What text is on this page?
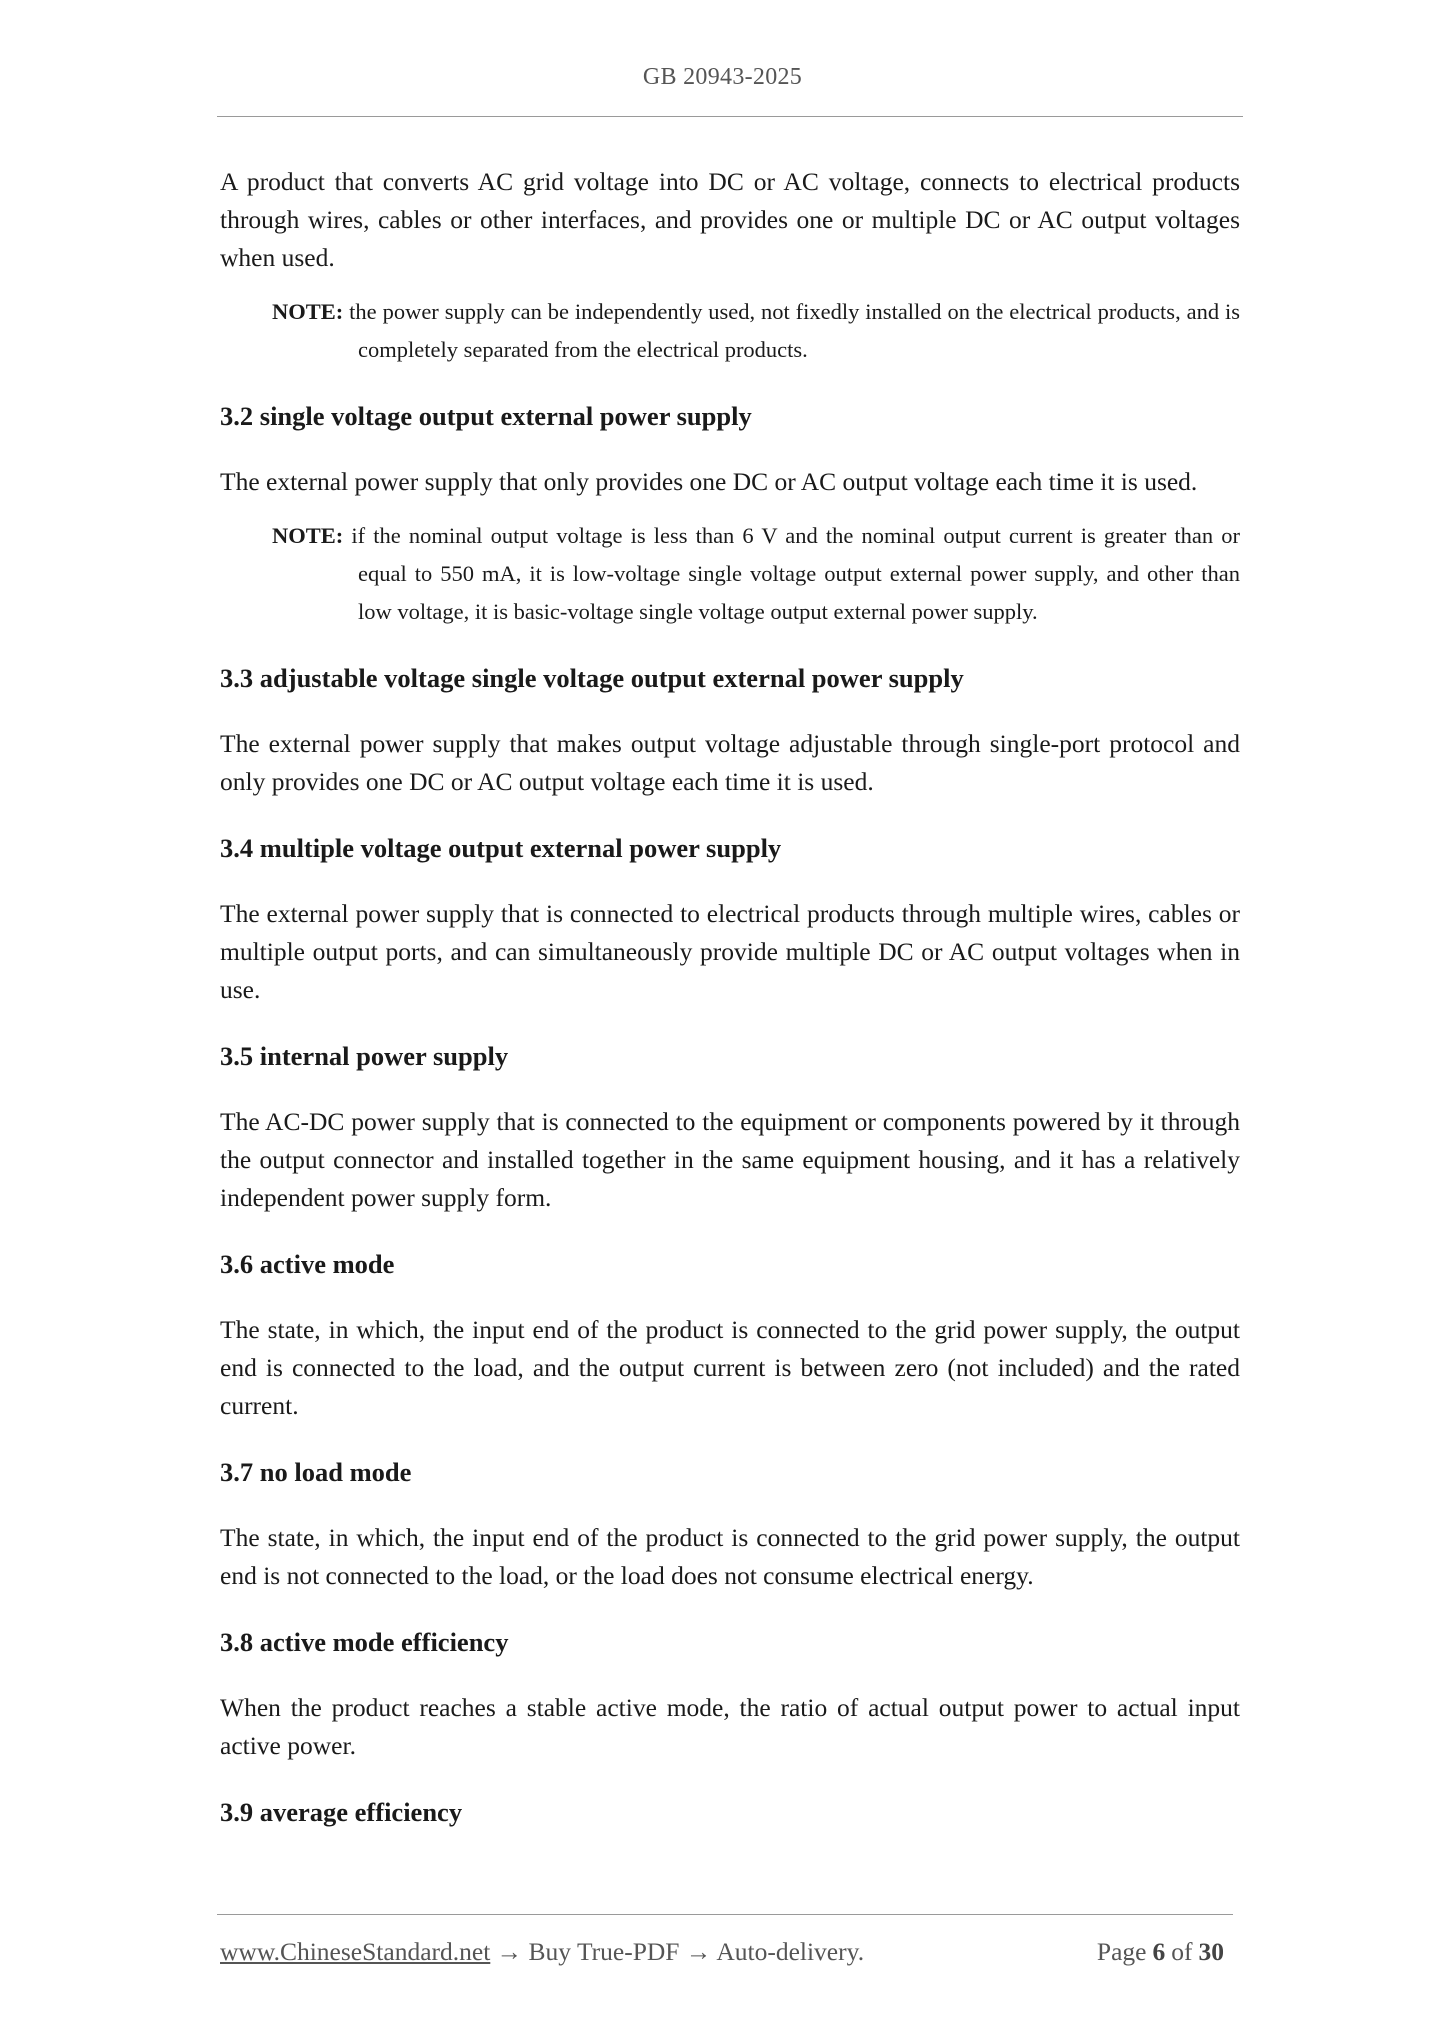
GB 20943-2025

A product that converts AC grid voltage into DC or AC voltage, connects to electrical products through wires, cables or other interfaces, and provides one or multiple DC or AC output voltages when used.

NOTE: the power supply can be independently used, not fixedly installed on the electrical products, and is completely separated from the electrical products.

3.2 single voltage output external power supply

The external power supply that only provides one DC or AC output voltage each time it is used.

NOTE: if the nominal output voltage is less than 6 V and the nominal output current is greater than or equal to 550 mA, it is low-voltage single voltage output external power supply, and other than low voltage, it is basic-voltage single voltage output external power supply.

3.3 adjustable voltage single voltage output external power supply

The external power supply that makes output voltage adjustable through single-port protocol and only provides one DC or AC output voltage each time it is used.

3.4 multiple voltage output external power supply

The external power supply that is connected to electrical products through multiple wires, cables or multiple output ports, and can simultaneously provide multiple DC or AC output voltages when in use.

3.5 internal power supply

The AC-DC power supply that is connected to the equipment or components powered by it through the output connector and installed together in the same equipment housing, and it has a relatively independent power supply form.

3.6 active mode

The state, in which, the input end of the product is connected to the grid power supply, the output end is connected to the load, and the output current is between zero (not included) and the rated current.

3.7 no load mode

The state, in which, the input end of the product is connected to the grid power supply, the output end is not connected to the load, or the load does not consume electrical energy.

3.8 active mode efficiency

When the product reaches a stable active mode, the ratio of actual output power to actual input active power.

3.9 average efficiency
www.ChineseStandard.net → Buy True-PDF → Auto-delivery.	Page 6 of 30
